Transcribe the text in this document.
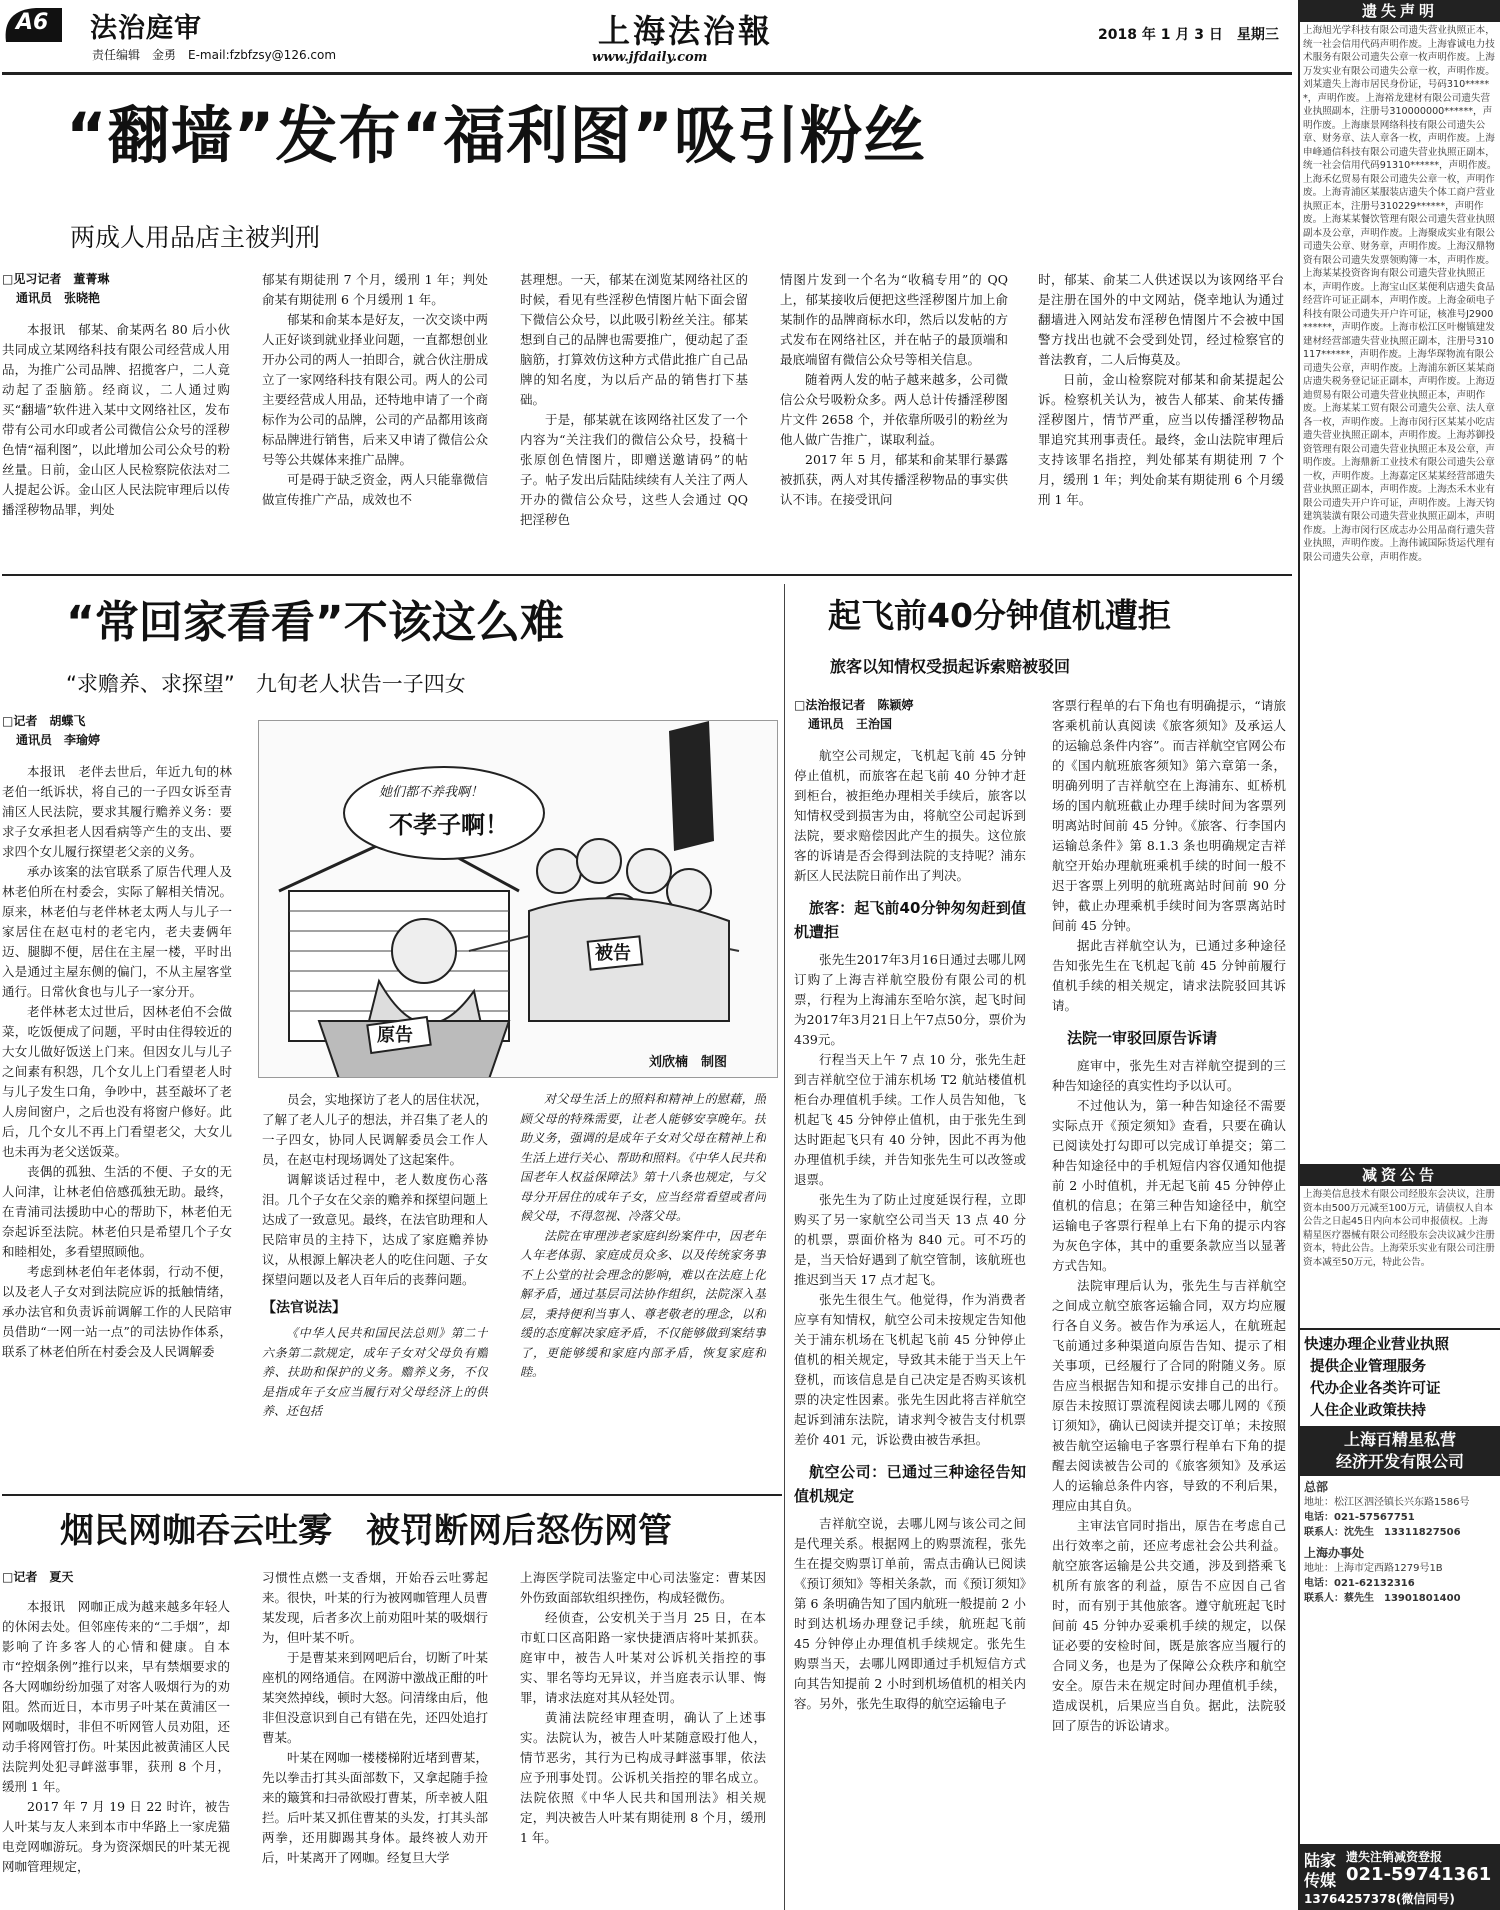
A6 法治庭审
责任编辑　金勇　E-mail:fzbfzsy@126.com
上海法治報
www.jfdaily.com
2018 年 1 月 3 日　星期三
“翻墙”发布“福利图”吸引粉丝
两成人用品店主被判刑
□见习记者　董菁琳
通讯员　张晓艳

本报讯　郁某、俞某两名 80 后小伙共同成立某网络科技有限公司经营成人用品，为推广公司品牌、招揽客户，二人竟动起了歪脑筋。经商议，二人通过购买“翻墙”软件进入某中文网络社区，发布带有公司水印或者公司微信公众号的淫秽色情“福利图”，以此增加公司公众号的粉丝量。日前，金山区人民检察院依法对二人提起公诉。金山区人民法院审理后以传播淫秽物品罪，判处

郁某有期徒刑 7 个月，缓刑 1 年；判处俞某有期徒刑 6 个月缓刑 1 年。

郁某和俞某本是好友，一次交谈中两人正好谈到就业择业问题，一直都想创业开办公司的两人一拍即合，就合伙注册成立了一家网络科技有限公司。两人的公司主要经营成人用品，还特地申请了一个商标作为公司的品牌，公司的产品都用该商标品牌进行销售，后来又申请了微信公众号等公共媒体来推广品牌。

可是碍于缺乏资金，两人只能靠微信做宣传推广产品，成效也不

甚理想。一天，郁某在浏览某网络社区的时候，看见有些淫秽色情图片帖下面会留下微信公众号，以此吸引粉丝关注。郁某想到自己的品牌也需要推广，便动起了歪脑筋，打算效仿这种方式借此推广自己品牌的知名度，为以后产品的销售打下基础。

于是，郁某就在该网络社区发了一个内容为“关注我们的微信公众号，投稿十张原创色情图片，即赠送邀请码”的帖子。帖子发出后陆陆续续有人关注了两人开办的微信公众号，这些人会通过 QQ 把淫秽色

情图片发到一个名为“收稿专用”的 QQ 上，郁某接收后便把这些淫秽图片加上俞某制作的品牌商标水印，然后以发帖的方式发布在网络社区，并在帖子的最顶端和最底端留有微信公众号等相关信息。

随着两人发的帖子越来越多，公司微信公众号吸粉众多。两人总计传播淫秽图片文件 2658 个，并依靠所吸引的粉丝为他人做广告推广，谋取利益。

2017 年 5 月，郁某和俞某罪行暴露被抓获，两人对其传播淫秽物品的事实供认不讳。在接受讯问

时，郁某、俞某二人供述误以为该网络平台是注册在国外的中文网站，侥幸地认为通过翻墙进入网站发布淫秽色情图片不会被中国警方找出也就不会受到处罚，经过检察官的普法教育，二人后悔莫及。

日前，金山检察院对郁某和俞某提起公诉。检察机关认为，被告人郁某、俞某传播淫秽图片，情节严重，应当以传播淫秽物品罪追究其刑事责任。最终，金山法院审理后支持该罪名指控，判处郁某有期徒刑 7 个月，缓刑 1 年；判处俞某有期徒刑 6 个月缓刑 1 年。

“常回家看看”不该这么难
“求赡养、求探望”　九旬老人状告一子四女
□记者　胡蝶飞
通讯员　李瑜婷

本报讯　老伴去世后，年近九旬的林老伯一纸诉状，将自己的一子四女诉至青浦区人民法院，要求其履行赡养义务：要求子女承担老人因看病等产生的支出、要求四个女儿履行探望老父亲的义务。

承办该案的法官联系了原告代理人及林老伯所在村委会，实际了解相关情况。原来，林老伯与老伴林老太两人与儿子一家居住在赵屯村的老宅内，老夫妻俩年迈、腿脚不便，居住在主屋一楼，平时出入是通过主屋东侧的偏门，不从主屋客堂通行。日常伙食也与儿子一家分开。

老伴林老太过世后，因林老伯不会做菜，吃饭便成了问题，平时由住得较近的大女儿做好饭送上门来。但因女儿与儿子之间素有积怨，几个女儿上门看望老人时与儿子发生口角，争吵中，甚至敲坏了老人房间窗户，之后也没有将窗户修好。此后，几个女儿不再上门看望老父，大女儿也未再为老父送饭菜。

丧偶的孤独、生活的不便、子女的无人问津，让林老伯倍感孤独无助。最终，在青浦司法援助中心的帮助下，林老伯无奈起诉至法院。林老伯只是希望几个子女和睦相处，多看望照顾他。

考虑到林老伯年老体弱，行动不便，以及老人子女对到法院应诉的抵触情绪，承办法官和负责诉前调解工作的人民陪审员借助“一网一站一点”的司法协作体系，联系了林老伯所在村委会及人民调解委

她们都不养我啊！
不孝子啊！
被告
原告
刘欣楠　制图

员会，实地探访了老人的居住状况，了解了老人儿子的想法，并召集了老人的一子四女，协同人民调解委员会工作人员，在赵屯村现场调处了这起案件。

调解谈话过程中，老人数度伤心落泪。几个子女在父亲的赡养和探望问题上达成了一致意见。最终，在法官助理和人民陪审员的主持下，达成了家庭赡养协议，从根源上解决老人的吃住问题、子女探望问题以及老人百年后的丧葬问题。

【法官说法】

《中华人民共和国民法总则》第二十六条第二款规定，成年子女对父母负有赡养、扶助和保护的义务。赡养义务，不仅是指成年子女应当履行对父母经济上的供养、还包括

对父母生活上的照料和精神上的慰藉，照顾父母的特殊需要，让老人能够安享晚年。扶助义务，强调的是成年子女对父母在精神上和生活上进行关心、帮助和照料。《中华人民共和国老年人权益保障法》第十八条也规定，与父母分开居住的成年子女，应当经常看望或者问候父母，不得忽视、冷落父母。

法院在审理涉老家庭纠纷案件中，因老年人年老体弱、家庭成员众多、以及传统家务事不上公堂的社会理念的影响，难以在法庭上化解矛盾，通过基层司法协作组织，法院深入基层，秉持便利当事人、尊老敬老的理念，以和缓的态度解决家庭矛盾，不仅能够做到案结事了，更能够缓和家庭内部矛盾，恢复家庭和睦。

起飞前40分钟值机遭拒
旅客以知情权受损起诉索赔被驳回
□法治报记者　陈颖婷
通讯员　王治国

航空公司规定，飞机起飞前 45 分钟停止值机，而旅客在起飞前 40 分钟才赶到柜台，被拒绝办理相关手续后，旅客以知情权受到损害为由，将航空公司起诉到法院，要求赔偿因此产生的损失。这位旅客的诉请是否会得到法院的支持呢？浦东新区人民法院日前作出了判决。

旅客：起飞前40分钟匆匆赶到值机遭拒

张先生2017年3月16日通过去哪儿网订购了上海吉祥航空股份有限公司的机票，行程为上海浦东至哈尔滨，起飞时间为2017年3月21日上午7点50分，票价为439元。

行程当天上午 7 点 10 分，张先生赶到吉祥航空位于浦东机场 T2 航站楼值机柜台办理值机手续。工作人员告知他，飞机起飞 45 分钟停止值机，由于张先生到达时距起飞只有 40 分钟，因此不再为他办理值机手续，并告知张先生可以改签或退票。

张先生为了防止过度延误行程，立即购买了另一家航空公司当天 13 点 40 分的机票，票面价格为 840 元。可不巧的是，当天恰好遇到了航空管制，该航班也推迟到当天 17 点才起飞。

张先生很生气。他觉得，作为消费者应享有知情权，航空公司未按规定告知他关于浦东机场在飞机起飞前 45 分钟停止值机的相关规定，导致其未能于当天上午登机，而该信息是自己决定是否购买该机票的决定性因素。张先生因此将吉祥航空起诉到浦东法院，请求判令被告支付机票差价 401 元，诉讼费由被告承担。

航空公司：已通过三种途径告知值机规定

吉祥航空说，去哪儿网与该公司之间是代理关系。根据网上的购票流程，张先生在提交购票订单前，需点击确认已阅读《预订须知》等相关条款，而《预订须知》第 6 条明确告知了国内航班一般提前 2 小时到达机场办理登记手续，航班起飞前 45 分钟停止办理值机手续规定。张先生购票当天，去哪儿网即通过手机短信方式向其告知提前 2 小时到机场值机的相关内容。另外，张先生取得的航空运输电子

客票行程单的右下角也有明确提示，“请旅客乘机前认真阅读《旅客须知》及承运人的运输总条件内容”。而吉祥航空官网公布的《国内航班旅客须知》第六章第一条，明确列明了吉祥航空在上海浦东、虹桥机场的国内航班截止办理手续时间为客票列明离站时间前 45 分钟。《旅客、行李国内运输总条件》第 8.1.3 条也明确规定吉祥航空开始办理航班乘机手续的时间一般不迟于客票上列明的航班离站时间前 90 分钟，截止办理乘机手续时间为客票离站时间前 45 分钟。

据此吉祥航空认为，已通过多种途径告知张先生在飞机起飞前 45 分钟前履行值机手续的相关规定，请求法院驳回其诉请。

法院一审驳回原告诉请

庭审中，张先生对吉祥航空提到的三种告知途径的真实性均予以认可。

不过他认为，第一种告知途径不需要实际点开《预定须知》查看，只要在确认已阅读处打勾即可以完成订单提交；第二种告知途径中的手机短信内容仅通知他提前 2 小时值机，并无起飞前 45 分钟停止值机的信息；在第三种告知途径中，航空运输电子客票行程单上右下角的提示内容为灰色字体，其中的重要条款应当以显著方式告知。

法院审理后认为，张先生与吉祥航空之间成立航空旅客运输合同，双方均应履行各自义务。被告作为承运人，在航班起飞前通过多种渠道向原告告知、提示了相关事项，已经履行了合同的附随义务。原告应当根据告知和提示安排自己的出行。原告未按照订票流程阅读去哪儿网的《预订须知》，确认已阅读并提交订单；未按照被告航空运输电子客票行程单右下角的提醒去阅读被告公司的《旅客须知》及承运人的运输总条件内容，导致的不利后果，理应由其自负。

主审法官同时指出，原告在考虑自己出行效率之前，还应考虑社会公共利益。航空旅客运输是公共交通，涉及到搭乘飞机所有旅客的利益，原告不应因自己省时，而有别于其他旅客。遵守航班起飞时间前 45 分钟办妥乘机手续的规定，以保证必要的安检时间，既是旅客应当履行的合同义务，也是为了保障公众秩序和航空安全。原告未在规定时间办理值机手续，造成误机，后果应当自负。据此，法院驳回了原告的诉讼请求。

烟民网咖吞云吐雾　被罚断网后怒伤网管
□记者　夏天

本报讯　网咖正成为越来越多年轻人的休闲去处。但邻座传来的“二手烟”，却影响了许多客人的心情和健康。自本市“控烟条例”推行以来，早有禁烟要求的各大网咖纷纷加强了对客人吸烟行为的劝阻。然而近日，本市男子叶某在黄浦区一网咖吸烟时，非但不听网管人员劝阻，还动手将网管打伤。叶某因此被黄浦区人民法院判处犯寻衅滋事罪，获刑 8 个月，缓刑 1 年。

2017 年 7 月 19 日 22 时许，被告人叶某与友人来到本市中华路上一家虎猫电竞网咖游玩。身为资深烟民的叶某无视网咖管理规定，

习惯性点燃一支香烟，开始吞云吐雾起来。很快，叶某的行为被网咖管理人员曹某发现，后者多次上前劝阻叶某的吸烟行为，但叶某不听。

于是曹某来到网吧后台，切断了叶某座机的网络通信。在网游中激战正酣的叶某突然掉线，顿时大怒。问清缘由后，他非但没意识到自己有错在先，还四处追打曹某。

叶某在网咖一楼楼梯附近堵到曹某，先以拳击打其头面部数下，又拿起随手捡来的簸箕和扫帚欲殴打曹某，所幸被人阻拦。后叶某又抓住曹某的头发，打其头部两拳，还用脚踢其身体。最终被人劝开后，叶某离开了网咖。经复旦大学

上海医学院司法鉴定中心司法鉴定：曹某因外伤致面部软组织挫伤，构成轻微伤。

经侦查，公安机关于当月 25 日，在本市虹口区高阳路一家快捷酒店将叶某抓获。庭审中，被告人叶某对公诉机关指控的事实、罪名等均无异议，并当庭表示认罪、悔罪，请求法庭对其从轻处罚。

黄浦法院经审理查明，确认了上述事实。法院认为，被告人叶某随意殴打他人，情节恶劣，其行为已构成寻衅滋事罪，依法应予刑事处罚。公诉机关指控的罪名成立。法院依照《中华人民共和国刑法》相关规定，判决被告人叶某有期徒刑 8 个月，缓刑 1 年。

遗失声明
上海旭光学科技有限公司遗失营业执照正本，统一社会信用代码声明作废。上海睿诚电力技术服务有限公司遗失公章一枚声明作废。上海万发实业有限公司遗失公章一枚，声明作废。刘某遗失上海市居民身份证，号码310******，声明作废。上海裕龙建材有限公司遗失营业执照副本，注册号310000000******，声明作废。上海康景网络科技有限公司遗失公章、财务章、法人章各一枚，声明作废。上海申峰通信科技有限公司遗失营业执照正副本，统一社会信用代码91310******，声明作废。上海禾亿贸易有限公司遗失公章一枚，声明作废。上海青浦区某服装店遗失个体工商户营业执照正本，注册号310229******，声明作废。上海某某餐饮管理有限公司遗失营业执照副本及公章，声明作废。上海聚成实业有限公司遗失公章、财务章，声明作废。上海汉鼎物资有限公司遗失发票领购簿一本，声明作废。上海某某投资咨询有限公司遗失营业执照正本，声明作废。上海宝山区某便利店遗失食品经营许可证正副本，声明作废。上海金硕电子科技有限公司遗失开户许可证，核准号J2900******，声明作废。上海市松江区叶榭镇建发建材经营部遗失营业执照正副本，注册号310117******，声明作废。上海华琛物流有限公司遗失公章，声明作废。上海浦东新区某某商店遗失税务登记证正副本，声明作废。上海迈迪贸易有限公司遗失营业执照正本，声明作废。上海某某工贸有限公司遗失公章、法人章各一枚，声明作废。上海市闵行区某某小吃店遗失营业执照正副本，声明作废。上海苏御投资管理有限公司遗失营业执照正本及公章，声明作废。上海鼎新工业技术有限公司遗失公章一枚，声明作废。上海嘉定区某某经营部遗失营业执照正副本，声明作废。上海杰禾木业有限公司遗失开户许可证，声明作废。上海天钧建筑装潢有限公司遗失营业执照正副本，声明作废。上海市闵行区成志办公用品商行遗失营业执照，声明作废。上海伟诚国际货运代理有限公司遗失公章，声明作废。
减资公告
上海美信息技术有限公司经股东会决议，注册资本由500万元减至100万元，请债权人自本公告之日起45日内向本公司申报债权。上海精星医疗器械有限公司经股东会决议减少注册资本，特此公告。上海荣乐实业有限公司注册资本减至50万元，特此公告。
快速办理企业营业执照
提供企业管理服务
代办企业各类许可证
人住企业政策扶持
上海百精星私营
经济开发有限公司
总部
地址：松江区泗泾镇长兴东路1586号
电话：021-57567751
联系人：沈先生　13311827506
上海办事处
地址：上海市定西路1279号1B
电话：021-62132316
联系人：蔡先生　13901801400
陆家
传媒
遗失注销减资登报
021-59741361
13764257378(微信同号)
